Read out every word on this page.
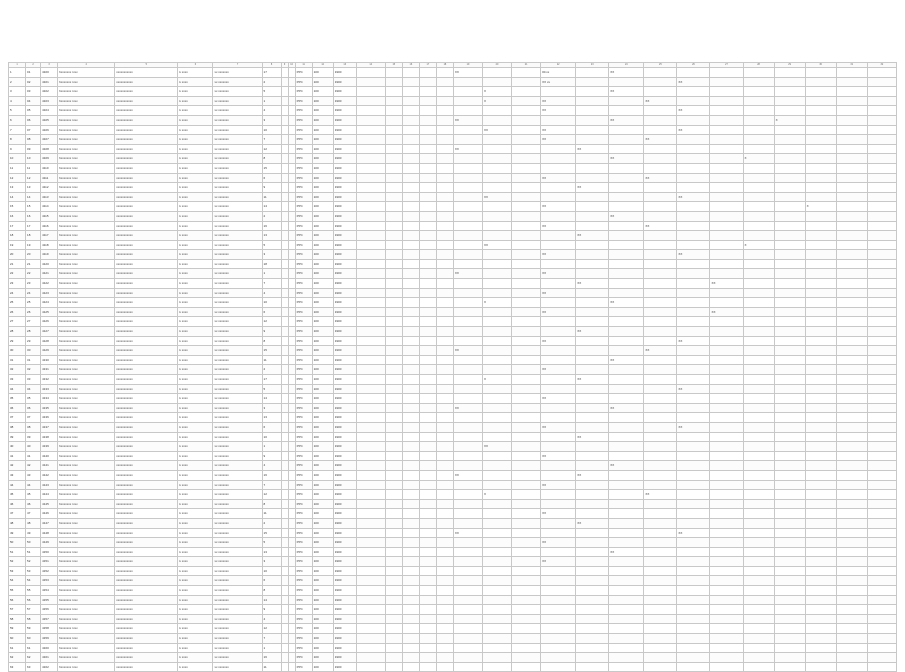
1	2	3	4	5	6	7	8	9	10	11	12	13	14	15	16	17	18	19	20	21	22	23	24	25	26	27	28	29	30	31	32
1	01	4100	hxxxxxxx rxxx	xxxxxxxxxxx	k xxxx	xx xxxxxxx	17			PPC	100	1900						XX			00.xx		XX								
2	02	4101	hxxxxxxx rxxx	xxxxxxxxxxx	k xxxx	xx xxxxxxx	2			PPC	100	1900									XX xx				XX						
3	03	4102	hxxxxxxx rxxx	xxxxxxxxxxx	k xxxx	xx xxxxxxx	5			PPC	100	1900							X				XX								
4	04	4103	hxxxxxxx rxxx	xxxxxxxxxxx	k xxxx	xx xxxxxxx	1			PPC	100	1900							X		XX			XX							
5	05	4104	hxxxxxxx rxxx	xxxxxxxxxxx	k xxxx	xx xxxxxxx	4			PPC	100	1900									XX				XX						
6	06	4105	hxxxxxxx rxxx	xxxxxxxxxxx	k xxxx	xx xxxxxxx	3			PPC	100	1900						XX					XX					X			
7	07	4106	hxxxxxxx rxxx	xxxxxxxxxxx	k xxxx	xx xxxxxxx	10			PPC	100	1900							XX		XX				XX						
8	08	4107	hxxxxxxx rxxx	xxxxxxxxxxx	k xxxx	xx xxxxxxx	7			PPC	100	1900									XX			XX							
9	09	4108	hxxxxxxx rxxx	xxxxxxxxxxx	k xxxx	xx xxxxxxx	12			PPC	100	1900						XX				XX									
10	10	4109	hxxxxxxx rxxx	xxxxxxxxxxx	k xxxx	xx xxxxxxx	8			PPC	100	1900											XX				X				
11	11	4110	hxxxxxxx rxxx	xxxxxxxxxxx	k xxxx	xx xxxxxxx	15			PPC	100	1900																			
12	12	4111	hxxxxxxx rxxx	xxxxxxxxxxx	k xxxx	xx xxxxxxx	6			PPC	100	1900									XX			XX							
13	13	4112	hxxxxxxx rxxx	xxxxxxxxxxx	k xxxx	xx xxxxxxx	9			PPC	100	1900										XX									
14	14	4113	hxxxxxxx rxxx	xxxxxxxxxxx	k xxxx	xx xxxxxxx	11			PPC	100	1900							XX						XX						
15	15	4114	hxxxxxxx rxxx	xxxxxxxxxxx	k xxxx	xx xxxxxxx	14			PPC	100	1900									XX								X		
16	16	4115	hxxxxxxx rxxx	xxxxxxxxxxx	k xxxx	xx xxxxxxx	2			PPC	100	1900											XX								
17	17	4116	hxxxxxxx rxxx	xxxxxxxxxxx	k xxxx	xx xxxxxxx	16			PPC	100	1900									XX			XX							
18	18	4117	hxxxxxxx rxxx	xxxxxxxxxxx	k xxxx	xx xxxxxxx	13			PPC	100	1900										XX									
19	19	4118	hxxxxxxx rxxx	xxxxxxxxxxx	k xxxx	xx xxxxxxx	5			PPC	100	1900							XX								X				
20	20	4119	hxxxxxxx rxxx	xxxxxxxxxxx	k xxxx	xx xxxxxxx	3			PPC	100	1900									XX				XX						
21	21	4120	hxxxxxxx rxxx	xxxxxxxxxxx	k xxxx	xx xxxxxxx	18			PPC	100	1900																			
22	22	4121	hxxxxxxx rxxx	xxxxxxxxxxx	k xxxx	xx xxxxxxx	1			PPC	100	1900						XX			XX										
23	23	4122	hxxxxxxx rxxx	xxxxxxxxxxx	k xxxx	xx xxxxxxx	7			PPC	100	1900										XX				XX					
24	24	4123	hxxxxxxx rxxx	xxxxxxxxxxx	k xxxx	xx xxxxxxx	4			PPC	100	1900									XX										
25	25	4124	hxxxxxxx rxxx	xxxxxxxxxxx	k xxxx	xx xxxxxxx	10			PPC	100	1900							X				XX								
26	26	4125	hxxxxxxx rxxx	xxxxxxxxxxx	k xxxx	xx xxxxxxx	6			PPC	100	1900									XX					XX					
27	27	4126	hxxxxxxx rxxx	xxxxxxxxxxx	k xxxx	xx xxxxxxx	12			PPC	100	1900																			
28	28	4127	hxxxxxxx rxxx	xxxxxxxxxxx	k xxxx	xx xxxxxxx	9			PPC	100	1900										XX									
29	29	4128	hxxxxxxx rxxx	xxxxxxxxxxx	k xxxx	xx xxxxxxx	8			PPC	100	1900									XX				XX						
30	30	4129	hxxxxxxx rxxx	xxxxxxxxxxx	k xxxx	xx xxxxxxx	15			PPC	100	1900						XX						XX							
31	31	4130	hxxxxxxx rxxx	xxxxxxxxxxx	k xxxx	xx xxxxxxx	11			PPC	100	1900											XX								
32	32	4131	hxxxxxxx rxxx	xxxxxxxxxxx	k xxxx	xx xxxxxxx	2			PPC	100	1900									XX										
33	33	4132	hxxxxxxx rxxx	xxxxxxxxxxx	k xxxx	xx xxxxxxx	17			PPC	100	1900							X			XX									
34	34	4133	hxxxxxxx rxxx	xxxxxxxxxxx	k xxxx	xx xxxxxxx	5			PPC	100	1900													XX						
35	35	4134	hxxxxxxx rxxx	xxxxxxxxxxx	k xxxx	xx xxxxxxx	14			PPC	100	1900									XX										
36	36	4135	hxxxxxxx rxxx	xxxxxxxxxxx	k xxxx	xx xxxxxxx	3			PPC	100	1900						XX					XX								
37	37	4136	hxxxxxxx rxxx	xxxxxxxxxxx	k xxxx	xx xxxxxxx	13			PPC	100	1900																			
38	38	4137	hxxxxxxx rxxx	xxxxxxxxxxx	k xxxx	xx xxxxxxx	6			PPC	100	1900									XX				XX						
39	39	4138	hxxxxxxx rxxx	xxxxxxxxxxx	k xxxx	xx xxxxxxx	10			PPC	100	1900										XX									
40	40	4139	hxxxxxxx rxxx	xxxxxxxxxxx	k xxxx	xx xxxxxxx	1			PPC	100	1900							XX												
41	41	4140	hxxxxxxx rxxx	xxxxxxxxxxx	k xxxx	xx xxxxxxx	9			PPC	100	1900									XX										
42	42	4141	hxxxxxxx rxxx	xxxxxxxxxxx	k xxxx	xx xxxxxxx	4			PPC	100	1900											XX								
43	43	4142	hxxxxxxx rxxx	xxxxxxxxxxx	k xxxx	xx xxxxxxx	16			PPC	100	1900						XX				XX									
44	44	4143	hxxxxxxx rxxx	xxxxxxxxxxx	k xxxx	xx xxxxxxx	7			PPC	100	1900									XX										
45	45	4144	hxxxxxxx rxxx	xxxxxxxxxxx	k xxxx	xx xxxxxxx	12			PPC	100	1900							X					XX							
46	46	4145	hxxxxxxx rxxx	xxxxxxxxxxx	k xxxx	xx xxxxxxx	8			PPC	100	1900																			
47	47	4146	hxxxxxxx rxxx	xxxxxxxxxxx	k xxxx	xx xxxxxxx	11			PPC	100	1900									XX										
48	48	4147	hxxxxxxx rxxx	xxxxxxxxxxx	k xxxx	xx xxxxxxx	2			PPC	100	1900										XX									
49	49	4148	hxxxxxxx rxxx	xxxxxxxxxxx	k xxxx	xx xxxxxxx	15			PPC	100	1900						XX							XX						
50	50	4149	hxxxxxxx rxxx	xxxxxxxxxxx	k xxxx	xx xxxxxxx	5			PPC	100	1900									XX										
51	51	4150	hxxxxxxx rxxx	xxxxxxxxxxx	k xxxx	xx xxxxxxx	13			PPC	100	1900											XX								
52	52	4151	hxxxxxxx rxxx	xxxxxxxxxxx	k xxxx	xx xxxxxxx	3			PPC	100	1900									XX										
53	53	4152	hxxxxxxx rxxx	xxxxxxxxxxx	k xxxx	xx xxxxxxx	10			PPC	100	1900																			
54	54	4153	hxxxxxxx rxxx	xxxxxxxxxxx	k xxxx	xx xxxxxxx	6			PPC	100	1900																			
55	55	4154	hxxxxxxx rxxx	xxxxxxxxxxx	k xxxx	xx xxxxxxx	8			PPC	100	1900																			
56	56	4155	hxxxxxxx rxxx	xxxxxxxxxxx	k xxxx	xx xxxxxxx	14			PPC	100	1900																			
57	57	4156	hxxxxxxx rxxx	xxxxxxxxxxx	k xxxx	xx xxxxxxx	9			PPC	100	1900																			
58	58	4157	hxxxxxxx rxxx	xxxxxxxxxxx	k xxxx	xx xxxxxxx	4			PPC	100	1900																			
59	59	4158	hxxxxxxx rxxx	xxxxxxxxxxx	k xxxx	xx xxxxxxx	12			PPC	100	1900																			
60	60	4159	hxxxxxxx rxxx	xxxxxxxxxxx	k xxxx	xx xxxxxxx	7			PPC	100	1900																			
61	61	4160	hxxxxxxx rxxx	xxxxxxxxxxx	k xxxx	xx xxxxxxx	1			PPC	100	1900																			
62	62	4161	hxxxxxxx rxxx	xxxxxxxxxxx	k xxxx	xx xxxxxxx	16			PPC	100	1900																			
63	63	4162	hxxxxxxx rxxx	xxxxxxxxxxx	k xxxx	xx xxxxxxx	11			PPC	100	1900																			
